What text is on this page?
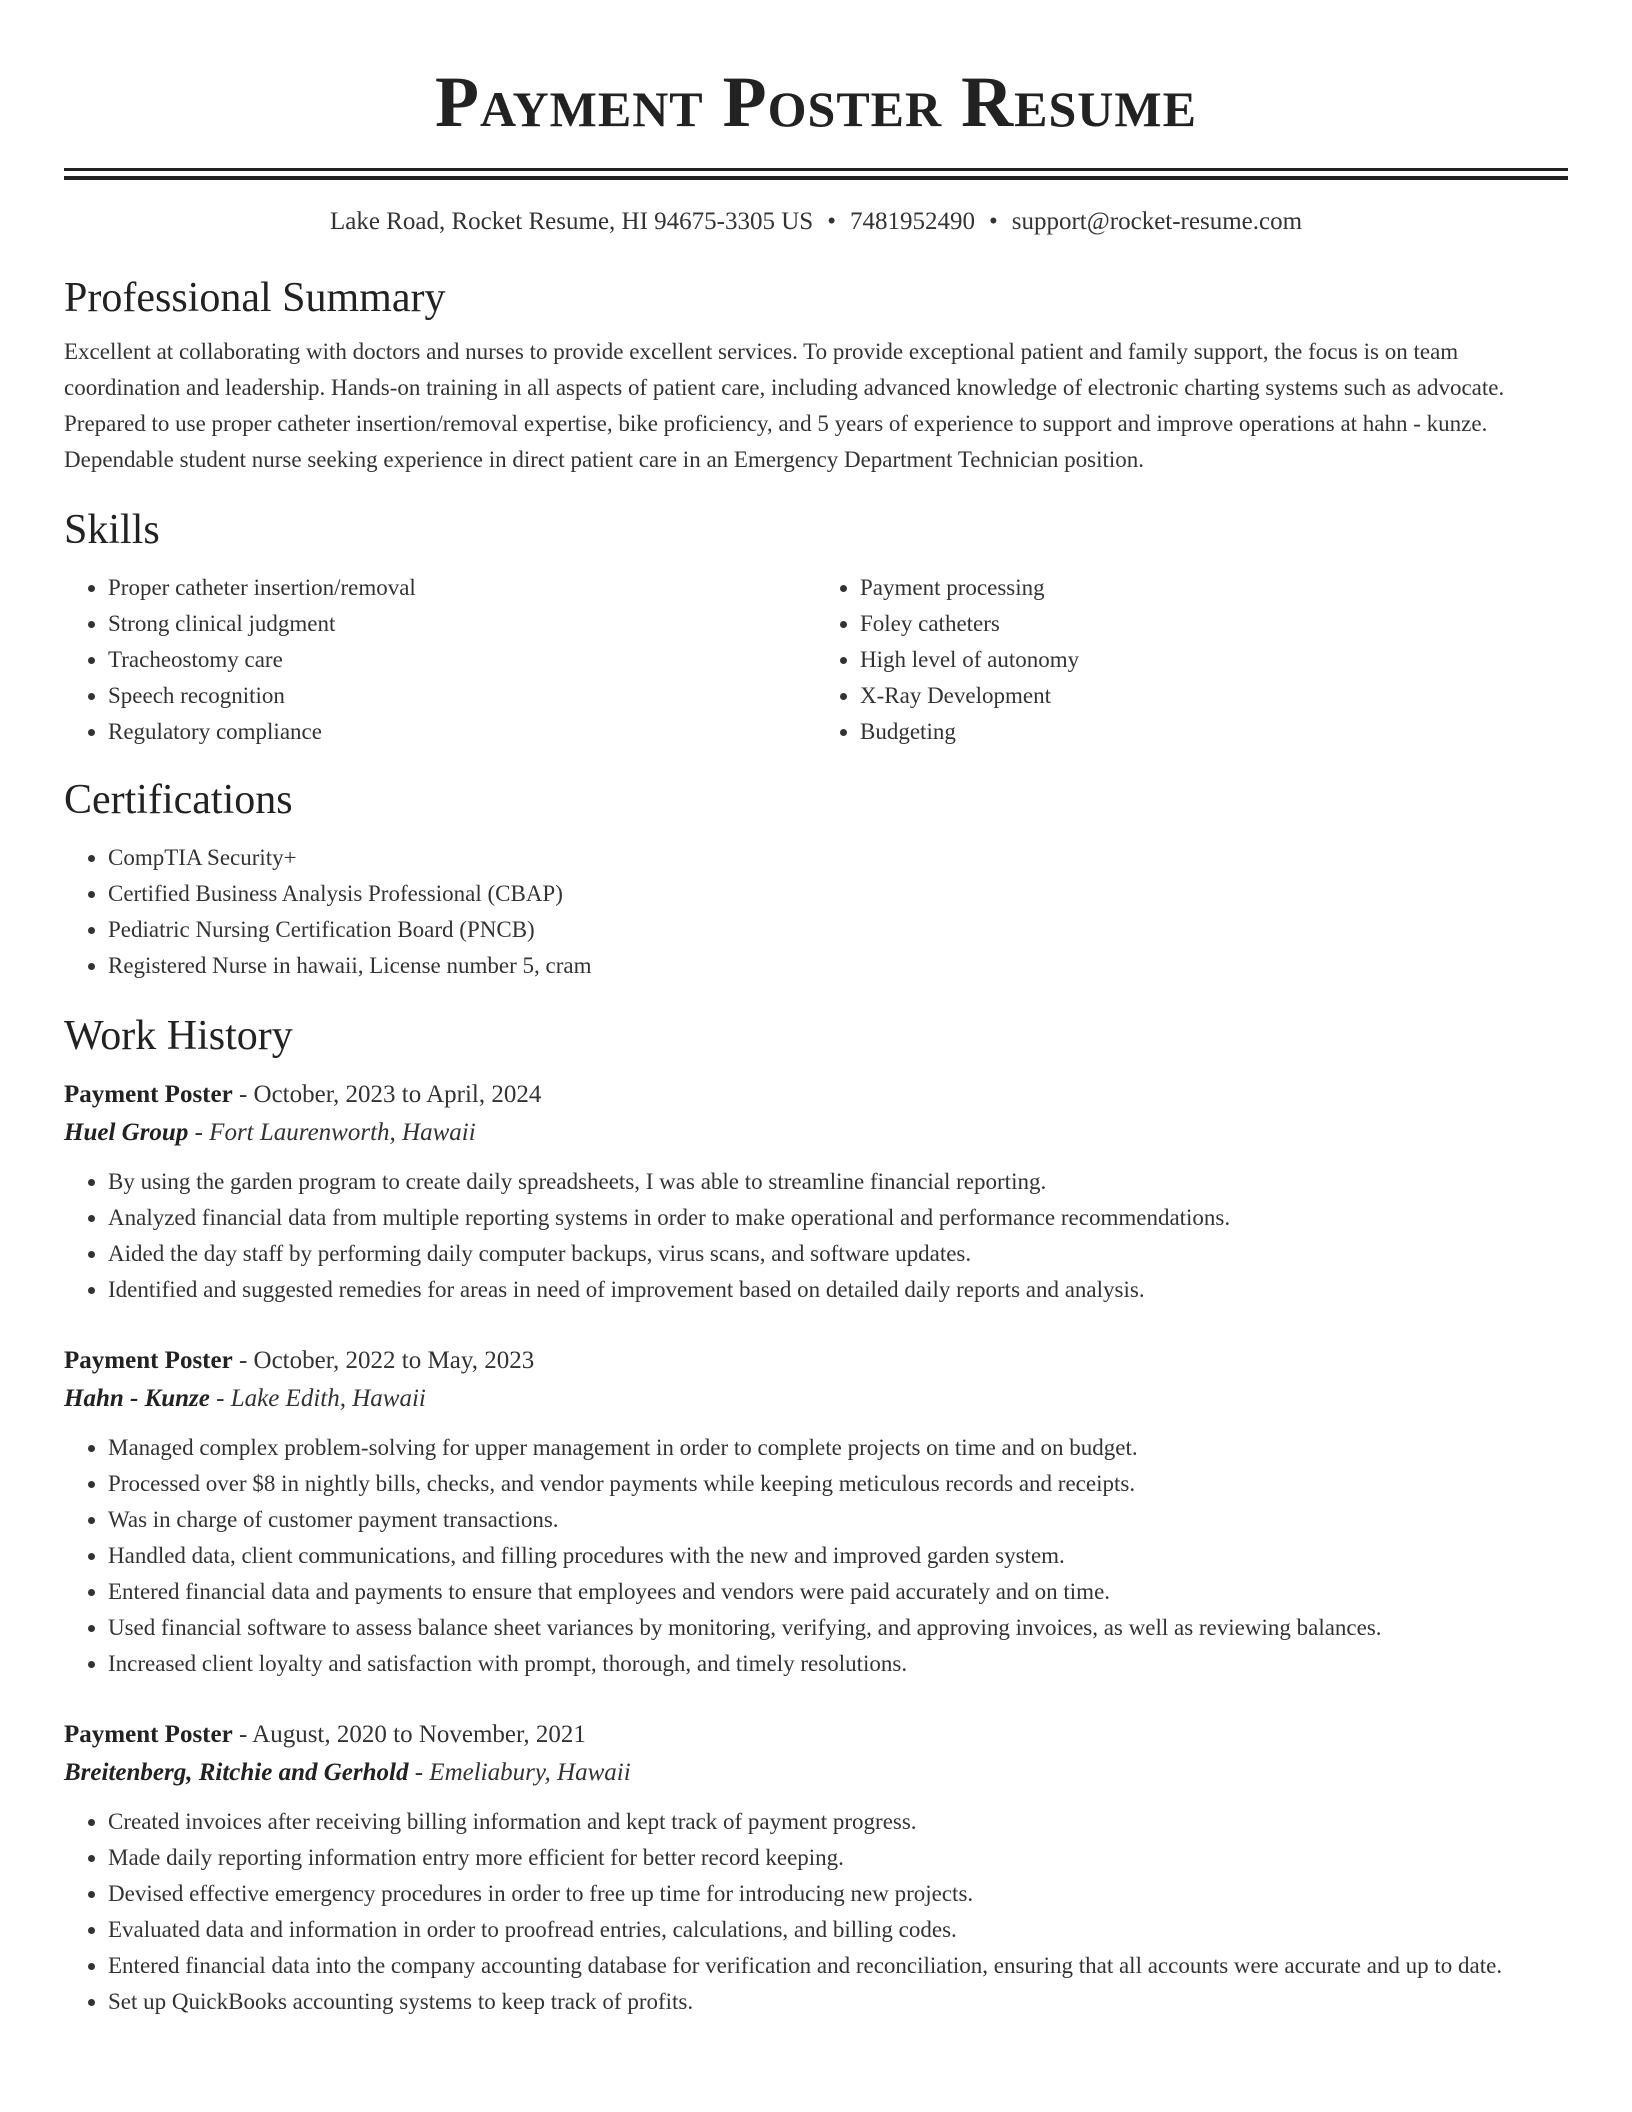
Payment Poster Resume
Lake Road, Rocket Resume, HI 94675-3305 US • 7481952490 • support@rocket-resume.com
Professional Summary

Excellent at collaborating with doctors and nurses to provide excellent services. To provide exceptional patient and family support, the focus is on team coordination and leadership. Hands-on training in all aspects of patient care, including advanced knowledge of electronic charting systems such as advocate. Prepared to use proper catheter insertion/removal expertise, bike proficiency, and 5 years of experience to support and improve operations at hahn - kunze. Dependable student nurse seeking experience in direct patient care in an Emergency Department Technician position.

Skills
• Proper catheter insertion/removal
• Strong clinical judgment
• Tracheostomy care
• Speech recognition
• Regulatory compliance
• Payment processing
• Foley catheters
• High level of autonomy
• X-Ray Development
• Budgeting
Certifications
• CompTIA Security+
• Certified Business Analysis Professional (CBAP)
• Pediatric Nursing Certification Board (PNCB)
• Registered Nurse in hawaii, License number 5, cram
Work History
Payment Poster - October, 2023 to April, 2024
Huel Group - Fort Laurenworth, Hawaii
• By using the garden program to create daily spreadsheets, I was able to streamline financial reporting.
• Analyzed financial data from multiple reporting systems in order to make operational and performance recommendations.
• Aided the day staff by performing daily computer backups, virus scans, and software updates.
• Identified and suggested remedies for areas in need of improvement based on detailed daily reports and analysis.
Payment Poster - October, 2022 to May, 2023
Hahn - Kunze - Lake Edith, Hawaii
• Managed complex problem-solving for upper management in order to complete projects on time and on budget.
• Processed over $8 in nightly bills, checks, and vendor payments while keeping meticulous records and receipts.
• Was in charge of customer payment transactions.
• Handled data, client communications, and filling procedures with the new and improved garden system.
• Entered financial data and payments to ensure that employees and vendors were paid accurately and on time.
• Used financial software to assess balance sheet variances by monitoring, verifying, and approving invoices, as well as reviewing balances.
• Increased client loyalty and satisfaction with prompt, thorough, and timely resolutions.
Payment Poster - August, 2020 to November, 2021
Breitenberg, Ritchie and Gerhold - Emeliabury, Hawaii
• Created invoices after receiving billing information and kept track of payment progress.
• Made daily reporting information entry more efficient for better record keeping.
• Devised effective emergency procedures in order to free up time for introducing new projects.
• Evaluated data and information in order to proofread entries, calculations, and billing codes.
• Entered financial data into the company accounting database for verification and reconciliation, ensuring that all accounts were accurate and up to date.
• Set up QuickBooks accounting systems to keep track of profits.
